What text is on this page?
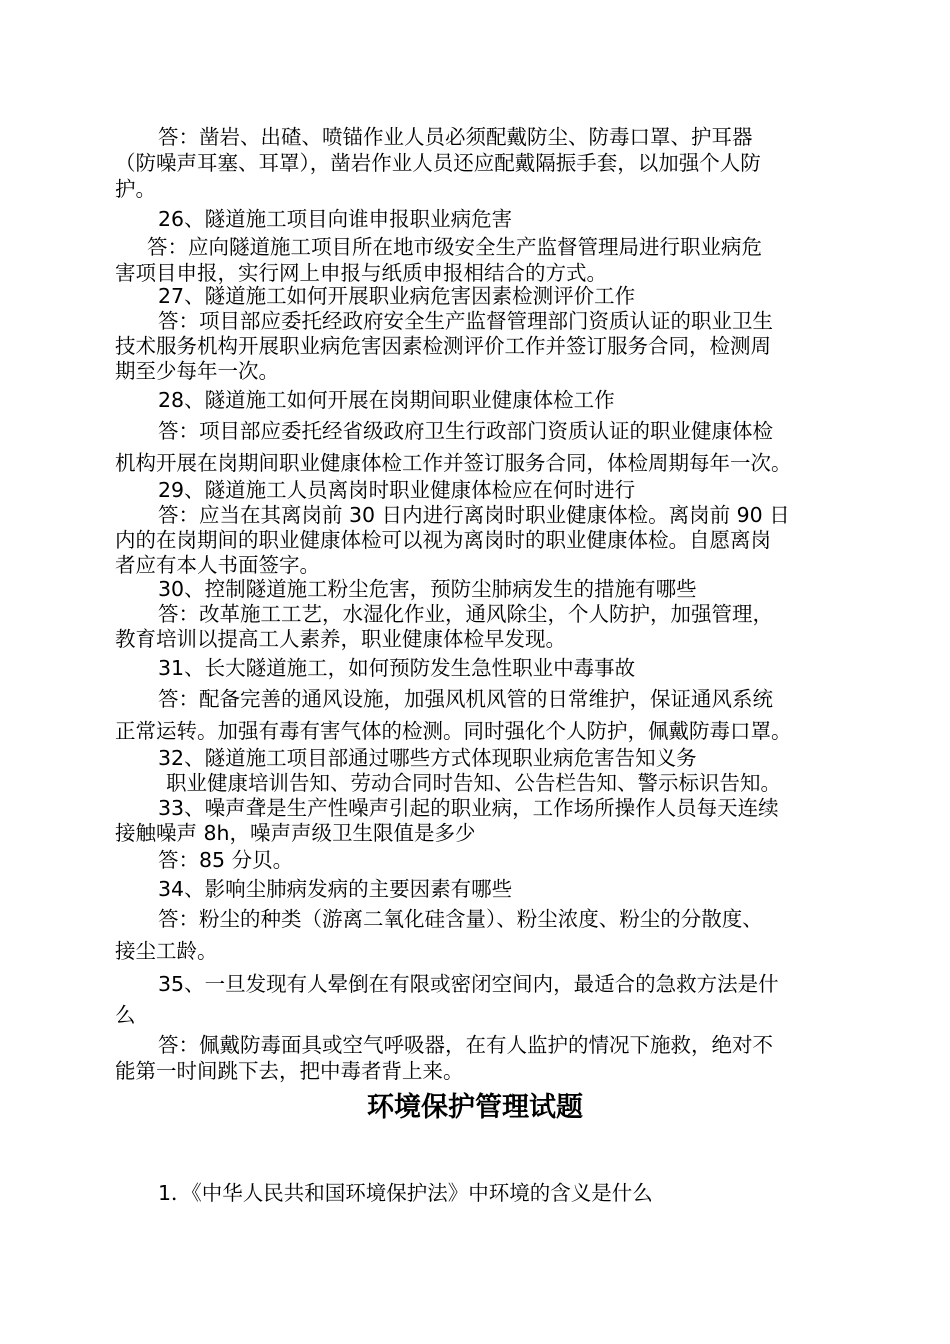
答：凿岩、出碴、喷锚作业人员必须配戴防尘、防毒口罩、护耳器
（防噪声耳塞、耳罩），凿岩作业人员还应配戴隔振手套，以加强个人防
护。
26、隧道施工项目向谁申报职业病危害
答：应向隧道施工项目所在地市级安全生产监督管理局进行职业病危
害项目申报，实行网上申报与纸质申报相结合的方式。
27、隧道施工如何开展职业病危害因素检测评价工作
答：项目部应委托经政府安全生产监督管理部门资质认证的职业卫生
技术服务机构开展职业病危害因素检测评价工作并签订服务合同，检测周
期至少每年一次。
28、隧道施工如何开展在岗期间职业健康体检工作
答：项目部应委托经省级政府卫生行政部门资质认证的职业健康体检
机构开展在岗期间职业健康体检工作并签订服务合同，体检周期每年一次。
29、隧道施工人员离岗时职业健康体检应在何时进行
答：应当在其离岗前 30 日内进行离岗时职业健康体检。离岗前 90 日
内的在岗期间的职业健康体检可以视为离岗时的职业健康体检。自愿离岗
者应有本人书面签字。
30、控制隧道施工粉尘危害，预防尘肺病发生的措施有哪些
答：改革施工工艺，水湿化作业，通风除尘，个人防护，加强管理，
教育培训以提高工人素养，职业健康体检早发现。
31、长大隧道施工，如何预防发生急性职业中毒事故
答：配备完善的通风设施，加强风机风管的日常维护，保证通风系统
正常运转。加强有毒有害气体的检测。同时强化个人防护，佩戴防毒口罩。
32、隧道施工项目部通过哪些方式体现职业病危害告知义务
职业健康培训告知、劳动合同时告知、公告栏告知、警示标识告知。
33、噪声聋是生产性噪声引起的职业病，工作场所操作人员每天连续
接触噪声 8h，噪声声级卫生限值是多少
答：85 分贝。
34、影响尘肺病发病的主要因素有哪些
答：粉尘的种类（游离二氧化硅含量）、粉尘浓度、粉尘的分散度、
接尘工龄。
35、一旦发现有人晕倒在有限或密闭空间内，最适合的急救方法是什
么
答：佩戴防毒面具或空气呼吸器，在有人监护的情况下施救，绝对不
能第一时间跳下去，把中毒者背上来。
环境保护管理试题
1．《中华人民共和国环境保护法》中环境的含义是什么
